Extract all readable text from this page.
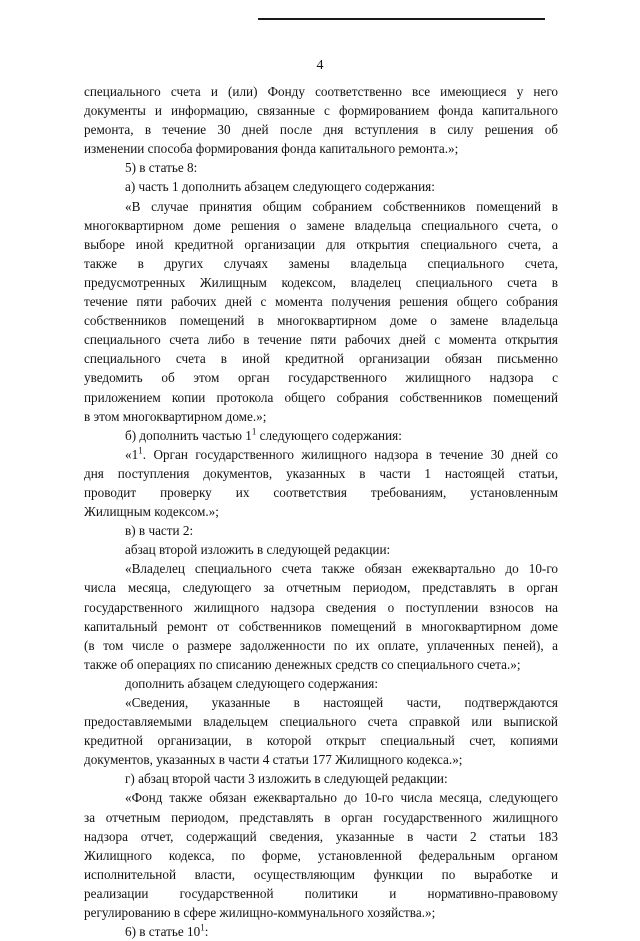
4
специального счета и (или) Фонду соответственно все имеющиеся у него
документы и информацию, связанные с формированием фонда капитального
ремонта, в течение 30 дней после дня вступления в силу решения об
изменении способа формирования фонда капитального ремонта.»;
5) в статье 8:
а) часть 1 дополнить абзацем следующего содержания:
«В случае принятия общим собранием собственников помещений в
многоквартирном доме решения о замене владельца специального счета, о
выборе иной кредитной организации для открытия специального счета, а
также в других случаях замены владельца специального счета,
предусмотренных Жилищным кодексом, владелец специального счета в
течение пяти рабочих дней с момента получения решения общего собрания
собственников помещений в многоквартирном доме о замене владельца
специального счета либо в течение пяти рабочих дней с момента открытия
специального счета в иной кредитной организации обязан письменно
уведомить об этом орган государственного жилищного надзора с
приложением копии протокола общего собрания собственников помещений
в этом многоквартирном доме.»;
б) дополнить частью $1^1$ следующего содержания:
«$1^1$. Орган государственного жилищного надзора в течение 30 дней со
дня поступления документов, указанных в части 1 настоящей статьи,
проводит проверку их соответствия требованиям, установленным
Жилищным кодексом.»;
в) в части 2:
абзац второй изложить в следующей редакции:
«Владелец специального счета также обязан ежеквартально до 10-го
числа месяца, следующего за отчетным периодом, представлять в орган
государственного жилищного надзора сведения о поступлении взносов на
капитальный ремонт от собственников помещений в многоквартирном доме
(в том числе о размере задолженности по их оплате, уплаченных пеней), а
также об операциях по списанию денежных средств со специального счета.»;
дополнить абзацем следующего содержания:
«Сведения, указанные в настоящей части, подтверждаются
предоставляемыми владельцем специального счета справкой или выпиской
кредитной организации, в которой открыт специальный счет, копиями
документов, указанных в части 4 статьи 177 Жилищного кодекса.»;
г) абзац второй части 3 изложить в следующей редакции:
«Фонд также обязан ежеквартально до 10-го числа месяца, следующего
за отчетным периодом, представлять в орган государственного жилищного
надзора отчет, содержащий сведения, указанные в части 2 статьи 183
Жилищного кодекса, по форме, установленной федеральным органом
исполнительной власти, осуществляющим функции по выработке и
реализации государственной политики и нормативно-правовому
регулированию в сфере жилищно-коммунального хозяйства.»;
6) в статье $10^1$:
